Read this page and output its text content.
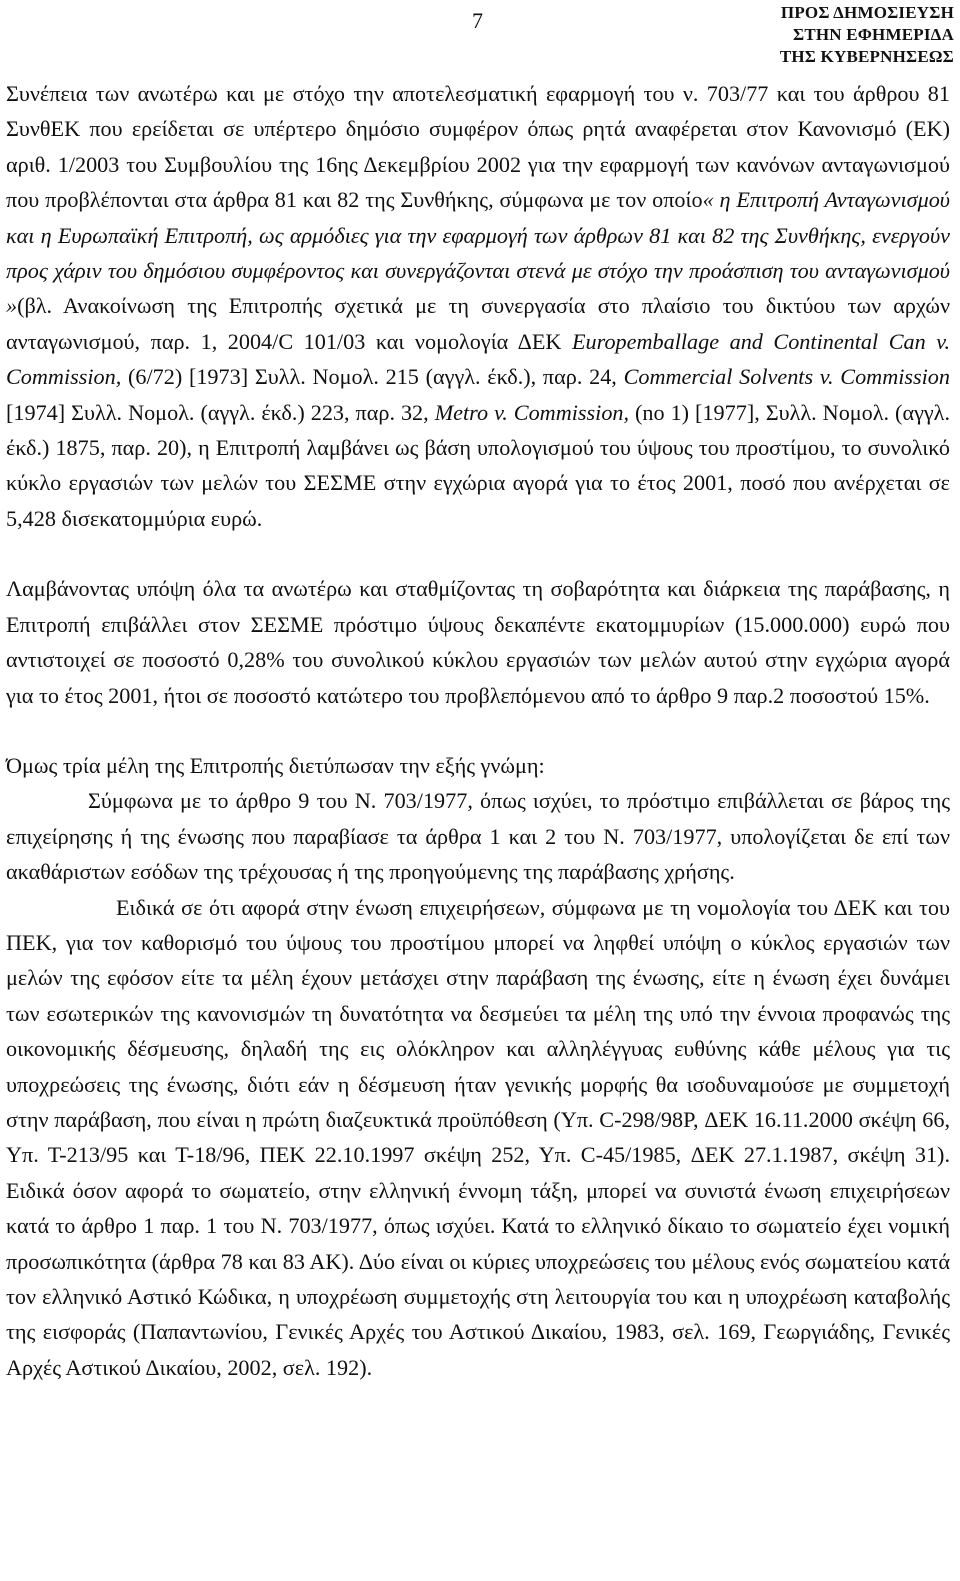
7	ΠΡΟΣ ΔΗΜΟΣΙΕΥΣΗ
ΣΤΗΝ ΕΦΗΜΕΡΙΔΑ
ΤΗΣ ΚΥΒΕΡΝΗΣΕΩΣ

Συνέπεια των ανωτέρω και με στόχο την αποτελεσματική εφαρμογή του ν. 703/77 και του άρθρου 81 ΣυνθΕΚ που ερείδεται σε υπέρτερο δημόσιο συμφέρον όπως ρητά αναφέρεται στον Κανονισμό (ΕΚ) αριθ. 1/2003 του Συμβουλίου της 16ης Δεκεμβρίου 2002 για την εφαρμογή των κανόνων ανταγωνισμού που προβλέπονται στα άρθρα 81 και 82 της Συνθήκης, σύμφωνα με τον οποίο« η Επιτροπή Ανταγωνισμού και η Ευρωπαϊκή Επιτροπή, ως αρμόδιες για την εφαρμογή των άρθρων 81 και 82 της Συνθήκης, ενεργούν προς χάριν του δημόσιου συμφέροντος και συνεργάζονται στενά με στόχο την προάσπιση του ανταγωνισμού »(βλ. Ανακοίνωση της Επιτροπής σχετικά με τη συνεργασία στο πλαίσιο του δικτύου των αρχών ανταγωνισμού, παρ. 1, 2004/C 101/03 και νομολογία ΔΕΚ Europemballage and Continental Can v. Commission, (6/72) [1973] Συλλ. Νομολ. 215 (αγγλ. έκδ.), παρ. 24, Commercial Solvents v. Commission [1974] Συλλ. Νομολ. (αγγλ. έκδ.) 223, παρ. 32, Metro v. Commission, (no 1) [1977], Συλλ. Νομολ. (αγγλ. έκδ.) 1875, παρ. 20), η Επιτροπή λαμβάνει ως βάση υπολογισμού του ύψους του προστίμου, το συνολικό κύκλο εργασιών των μελών του ΣΕΣΜΕ στην εγχώρια αγορά για το έτος 2001, ποσό που ανέρχεται σε 5,428 δισεκατομμύρια ευρώ.

Λαμβάνοντας υπόψη όλα τα ανωτέρω και σταθμίζοντας τη σοβαρότητα και διάρκεια της παράβασης, η Επιτροπή επιβάλλει στον ΣΕΣΜΕ πρόστιμο ύψους δεκαπέντε εκατομμυρίων (15.000.000) ευρώ που αντιστοιχεί σε ποσοστό 0,28% του συνολικού κύκλου εργασιών των μελών αυτού στην εγχώρια αγορά για το έτος 2001, ήτοι σε ποσοστό κατώτερο του προβλεπόμενου από το άρθρο 9 παρ.2 ποσοστού 15%.

Όμως τρία μέλη της Επιτροπής διετύπωσαν την εξής γνώμη:

Σύμφωνα με το άρθρο 9 του Ν. 703/1977, όπως ισχύει, το πρόστιμο επιβάλλεται σε βάρος της επιχείρησης ή της ένωσης που παραβίασε τα άρθρα 1 και 2 του Ν. 703/1977, υπολογίζεται δε επί των ακαθάριστων εσόδων της τρέχουσας ή της προηγούμενης της παράβασης χρήσης.

Ειδικά σε ότι αφορά στην ένωση επιχειρήσεων, σύμφωνα με τη νομολογία του ΔΕΚ και του ΠΕΚ, για τον καθορισμό του ύψους του προστίμου μπορεί να ληφθεί υπόψη ο κύκλος εργασιών των μελών της εφόσον είτε τα μέλη έχουν μετάσχει στην παράβαση της ένωσης, είτε η ένωση έχει δυνάμει των εσωτερικών της κανονισμών τη δυνατότητα να δεσμεύει τα μέλη της υπό την έννοια προφανώς της οικονομικής δέσμευσης, δηλαδή της εις ολόκληρον και αλληλέγγυας ευθύνης κάθε μέλους για τις υποχρεώσεις της ένωσης, διότι εάν η δέσμευση ήταν γενικής μορφής θα ισοδυναμούσε με συμμετοχή στην παράβαση, που είναι η πρώτη διαζευκτικά προϋπόθεση (Υπ. C-298/98P, ΔΕΚ 16.11.2000 σκέψη 66, Υπ. Τ-213/95 και Τ-18/96, ΠΕΚ 22.10.1997 σκέψη 252, Υπ. C-45/1985, ΔΕΚ 27.1.1987, σκέψη 31). Ειδικά όσον αφορά το σωματείο, στην ελληνική έννομη τάξη, μπορεί να συνιστά ένωση επιχειρήσεων κατά το άρθρο 1 παρ. 1 του Ν. 703/1977, όπως ισχύει. Κατά το ελληνικό δίκαιο το σωματείο έχει νομική προσωπικότητα (άρθρα 78 και 83 ΑΚ). Δύο είναι οι κύριες υποχρεώσεις του μέλους ενός σωματείου κατά τον ελληνικό Αστικό Κώδικα, η υποχρέωση συμμετοχής στη λειτουργία του και η υποχρέωση καταβολής της εισφοράς (Παπαντωνίου, Γενικές Αρχές του Αστικού Δικαίου, 1983, σελ. 169, Γεωργιάδης, Γενικές Αρχές Αστικού Δικαίου, 2002, σελ. 192).
